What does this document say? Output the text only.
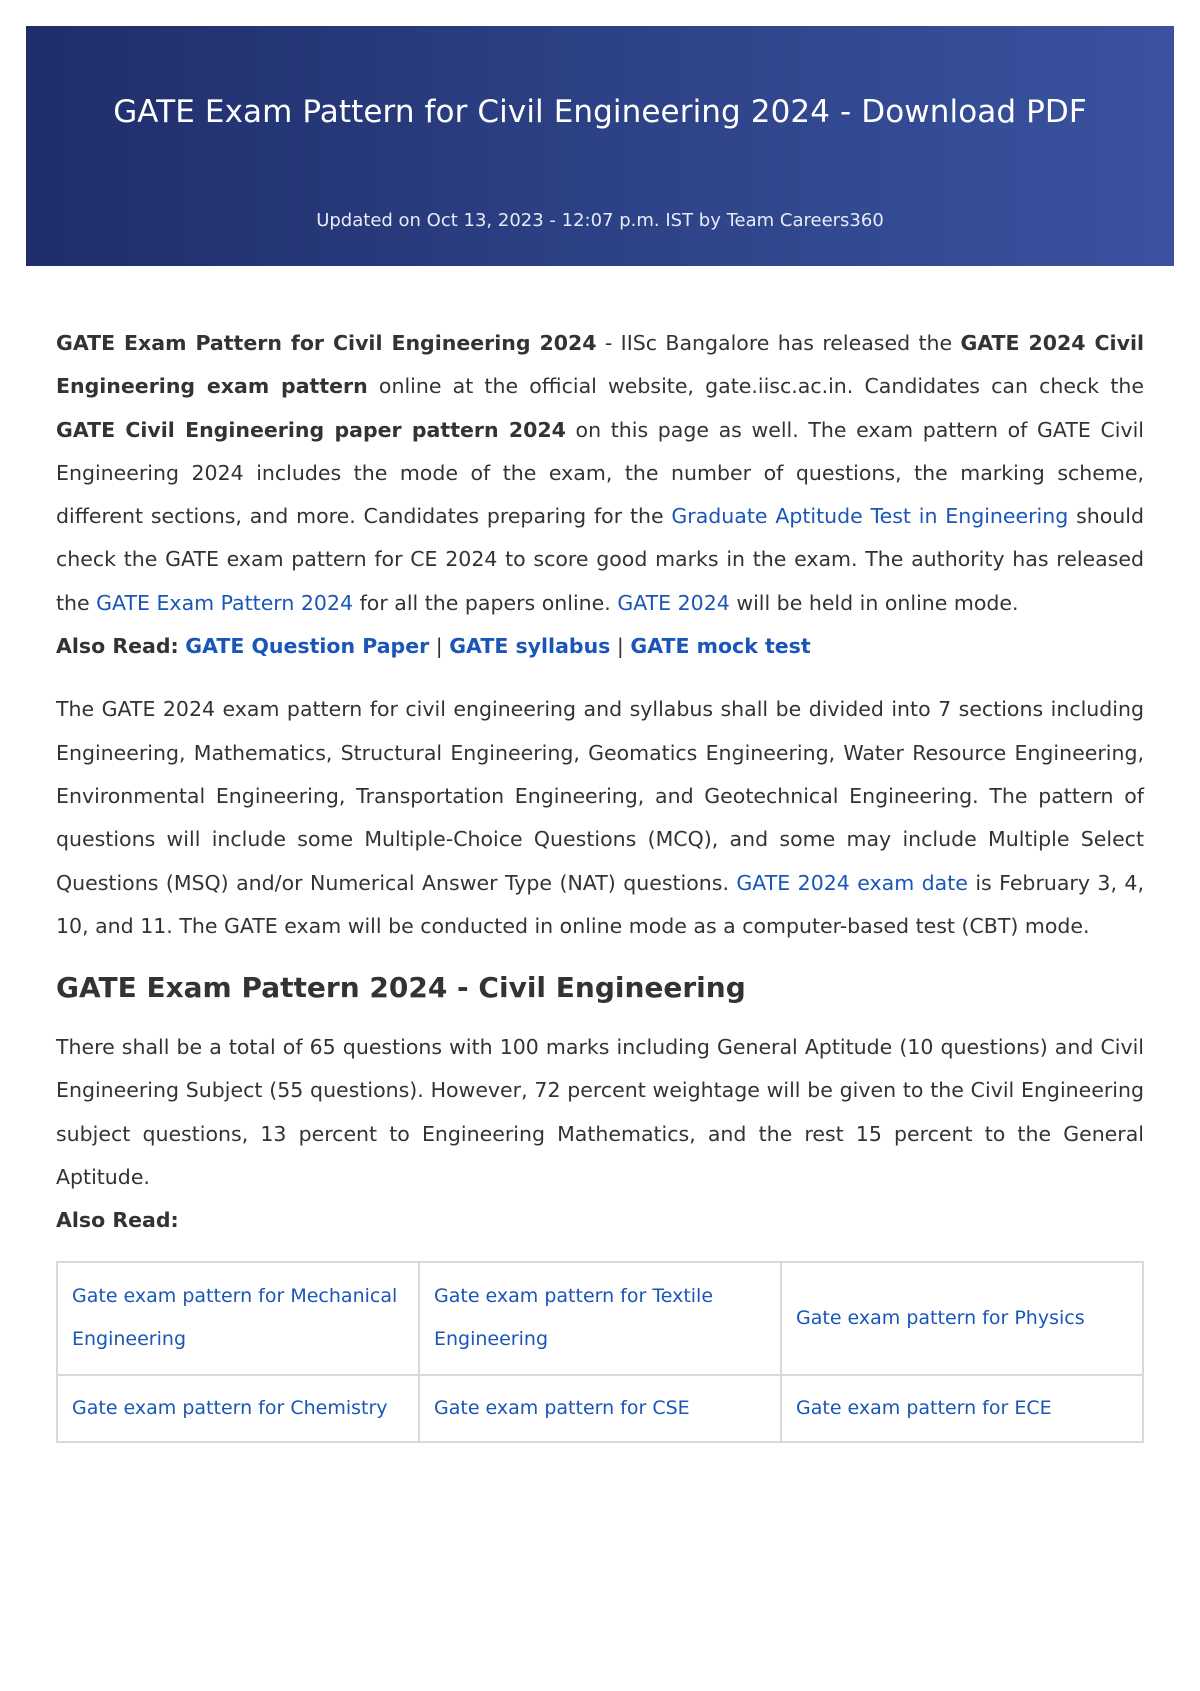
GATE Exam Pattern for Civil Engineering 2024 - Download PDF
Updated on Oct 13, 2023 - 12:07 p.m. IST by Team Careers360

GATE Exam Pattern for Civil Engineering 2024 - IISc Bangalore has released the GATE 2024 Civil Engineering exam pattern online at the official website, gate.iisc.ac.in. Candidates can check the GATE Civil Engineering paper pattern 2024 on this page as well. The exam pattern of GATE Civil Engineering 2024 includes the mode of the exam, the number of questions, the marking scheme, different sections, and more. Candidates preparing for the Graduate Aptitude Test in Engineering should check the GATE exam pattern for CE 2024 to score good marks in the exam. The authority has released the GATE Exam Pattern 2024 for all the papers online. GATE 2024 will be held in online mode.

Also Read: GATE Question Paper | GATE syllabus | GATE mock test

The GATE 2024 exam pattern for civil engineering and syllabus shall be divided into 7 sections including Engineering, Mathematics, Structural Engineering, Geomatics Engineering, Water Resource Engineering, Environmental Engineering, Transportation Engineering, and Geotechnical Engineering. The pattern of questions will include some Multiple-Choice Questions (MCQ), and some may include Multiple Select Questions (MSQ) and/or Numerical Answer Type (NAT) questions. GATE 2024 exam date is February 3, 4, 10, and 11. The GATE exam will be conducted in online mode as a computer-based test (CBT) mode.

GATE Exam Pattern 2024 - Civil Engineering

There shall be a total of 65 questions with 100 marks including General Aptitude (10 questions) and Civil Engineering Subject (55 questions). However, 72 percent weightage will be given to the Civil Engineering subject questions, 13 percent to Engineering Mathematics, and the rest 15 percent to the General Aptitude.

Also Read:

Gate exam pattern for Mechanical Engineering	Gate exam pattern for Textile Engineering	Gate exam pattern for Physics
Gate exam pattern for Chemistry	Gate exam pattern for CSE	Gate exam pattern for ECE
